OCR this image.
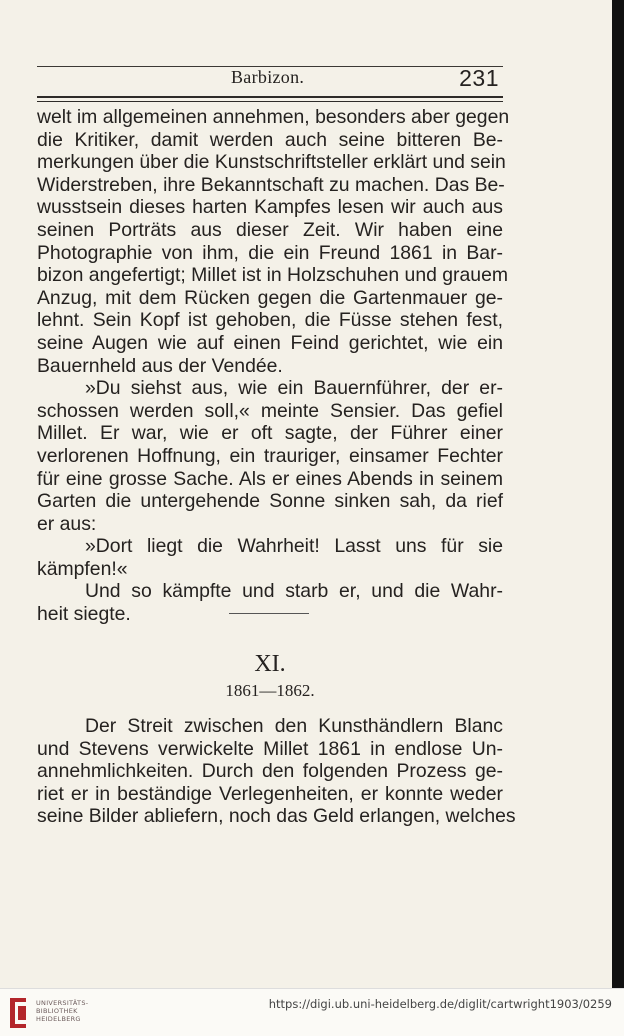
Barbizon.	231
welt im allgemeinen annehmen, besonders aber gegen
die Kritiker, damit werden auch seine bitteren Be-
merkungen über die Kunstschriftsteller erklärt und sein
Widerstreben, ihre Bekanntschaft zu machen. Das Be-
wusstsein dieses harten Kampfes lesen wir auch aus
seinen Porträts aus dieser Zeit. Wir haben eine
Photographie von ihm, die ein Freund 1861 in Bar-
bizon angefertigt; Millet ist in Holzschuhen und grauem
Anzug, mit dem Rücken gegen die Gartenmauer ge-
lehnt. Sein Kopf ist gehoben, die Füsse stehen fest,
seine Augen wie auf einen Feind gerichtet, wie ein
Bauernheld aus der Vendée.
»Du siehst aus, wie ein Bauernführer, der er-
schossen werden soll,« meinte Sensier. Das gefiel
Millet. Er war, wie er oft sagte, der Führer einer
verlorenen Hoffnung, ein trauriger, einsamer Fechter
für eine grosse Sache. Als er eines Abends in seinem
Garten die untergehende Sonne sinken sah, da rief
er aus:
»Dort liegt die Wahrheit! Lasst uns für sie
kämpfen!«
Und so kämpfte und starb er, und die Wahr-
heit siegte.
XI.
1861—1862.
Der Streit zwischen den Kunsthändlern Blanc
und Stevens verwickelte Millet 1861 in endlose Un-
annehmlichkeiten. Durch den folgenden Prozess ge-
riet er in beständige Verlegenheiten, er konnte weder
seine Bilder abliefern, noch das Geld erlangen, welches
UNIVERSITÄTS-
BIBLIOTHEK
HEIDELBERG
https://digi.ub.uni-heidelberg.de/diglit/cartwright1903/0259
